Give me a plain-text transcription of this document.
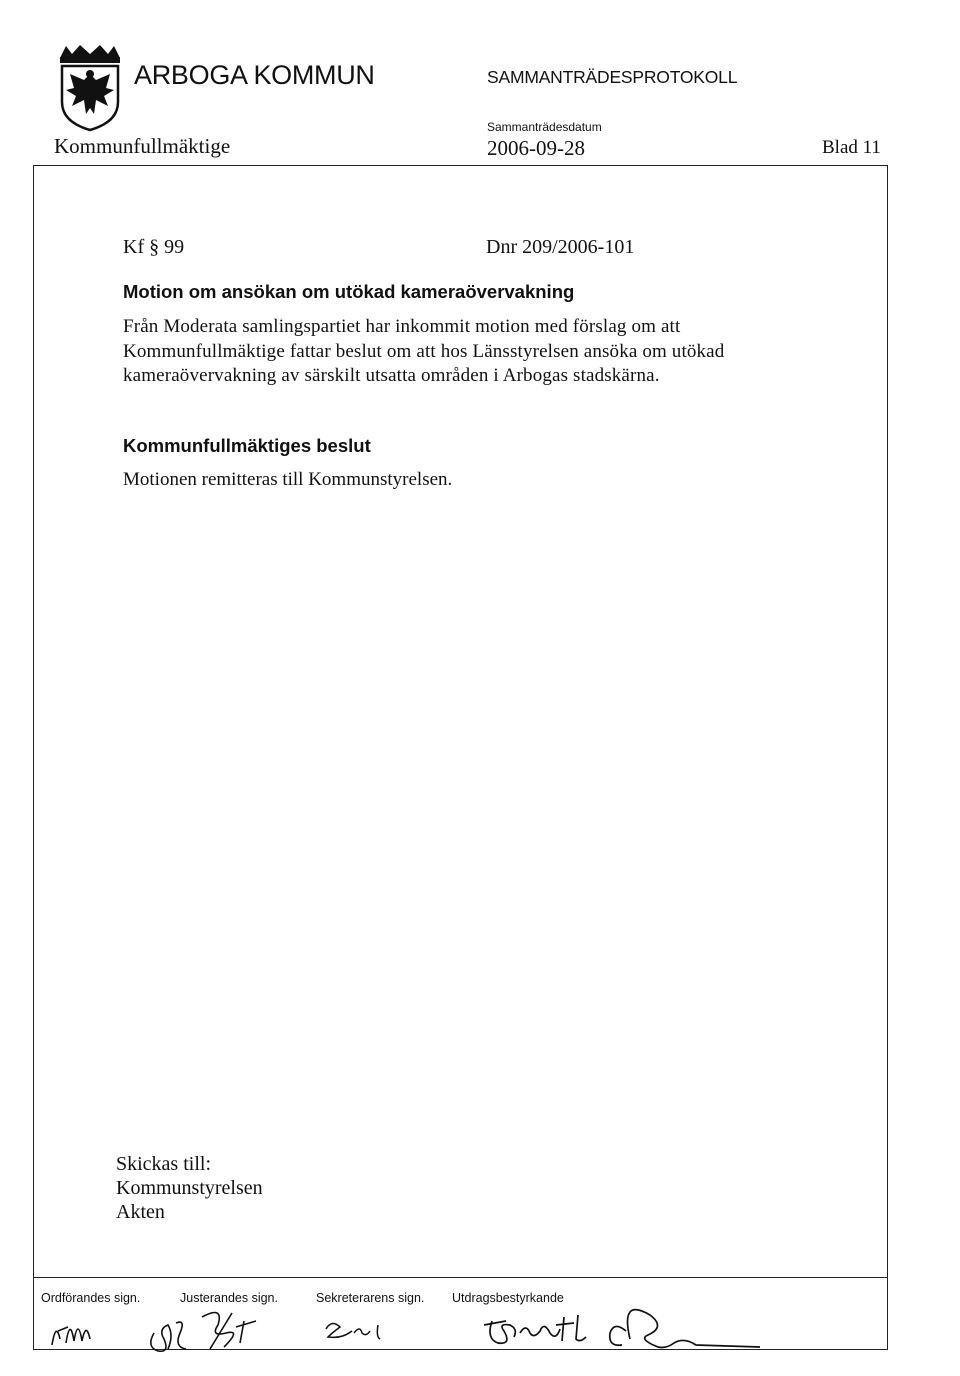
ARBOGA KOMMUN	SAMMANTRÄDESPROTOKOLL
Kommunfullmäktige
Sammanträdesdatum
2006-09-28	Blad 11
Kf § 99	Dnr 209/2006-101
Motion om ansökan om utökad kameraövervakning
Från Moderata samlingspartiet har inkommit motion med förslag om att Kommunfullmäktige fattar beslut om att hos Länsstyrelsen ansöka om utökad kameraövervakning av särskilt utsatta områden i Arbogas stadskärna.
Kommunfullmäktiges beslut
Motionen remitteras till Kommunstyrelsen.
Skickas till:
Kommunstyrelsen
Akten
Ordförandes sign.	Justerandes sign.	Sekreterarens sign. Utdragsbestyrkande
